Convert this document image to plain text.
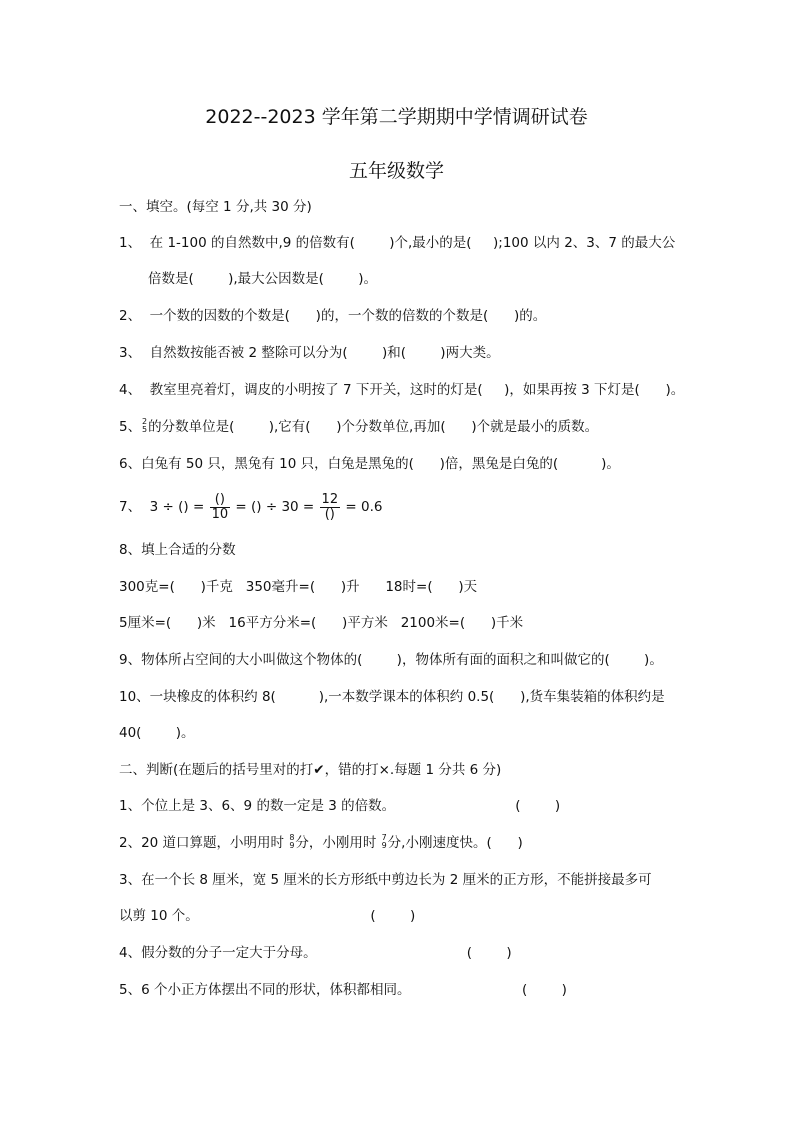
2022--2023 学年第二学期期中学情调研试卷
五年级数学
一、填空。(每空 1 分,共 30 分)
1、  在 1-100 的自然数中,9 的倍数有(        )个,最小的是(     );100 以内 2、3、7 的最大公
倍数是(        ),最大公因数是(        )。
2、  一个数的因数的个数是(      )的，一个数的倍数的个数是(      )的。
3、  自然数按能否被 2 整除可以分为(        )和(        )两大类。
4、  教室里亮着灯，调皮的小明按了 7 下开关，这时的灯是(     )，如果再按 3 下灯是(      )。
5、 2
5 的分数单位是(        ),它有(      )个分数单位,再加(      )个就是最小的质数。
6、白兔有 50 只，黑兔有 10 只，白兔是黑兔的(      )倍，黑兔是白兔的(          )。
7、  3 ÷ () = $\frac{()}{10}$ = () ÷ $30 = \frac{12}{()} = 0.6$
8、填上合适的分数
300克=(      )千克   350毫升=(      )升      18时=(      )天
5厘米=(      )米   16平方分米=(      )平方米   2100米=(      )千米
9、物体所占空间的大小叫做这个物体的(        )，物体所有面的面积之和叫做它的(        )。
10、一块橡皮的体积约 8(          ),一本数学课本的体积约 0.5(      ),货车集装箱的体积约是
40(        )。
二、判断(在题后的括号里对的打✔，错的打×.每题 1 分共 6 分)
1、个位上是 3、6、9 的数一定是 3 的倍数。                            (        )
2、20 道口算题，小明用时 8
9 分，小刚用时 7
9 分,小刚速度快。(      )
3、在一个长 8 厘米，宽 5 厘米的长方形纸中剪边长为 2 厘米的正方形，不能拼接最多可
以剪 10 个。                                        (        )
4、假分数的分子一定大于分母。                                   (        )
5、6 个小正方体摆出不同的形状，体积都相同。                          (        )
